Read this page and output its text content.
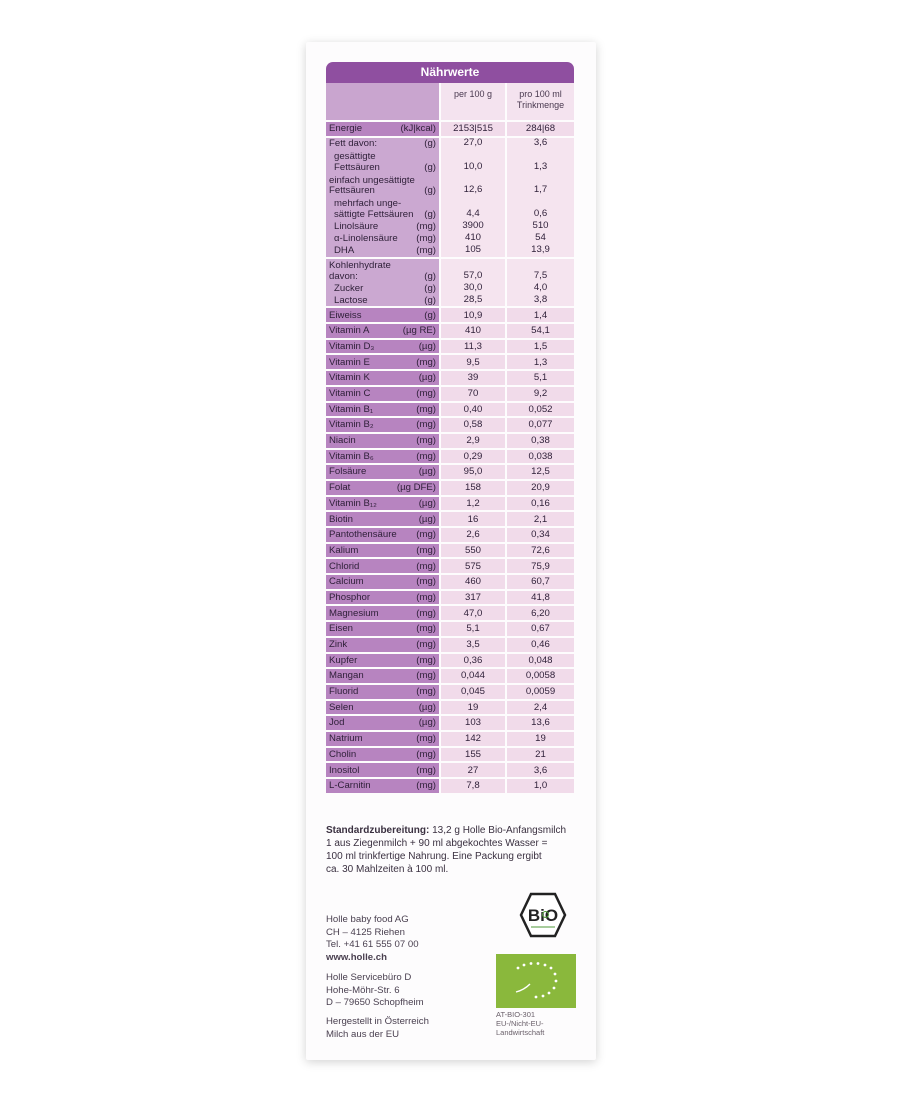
Nährwerte
per 100 g	pro 100 ml
Trinkmenge
Energie	(kJ|kcal)	2153|515	284|68
Fett davon:	(g)	27,0	3,6
gesättigte
Fettsäuren	(g)	10,0	1,3
einfach ungesättigte
Fettsäuren	(g)	12,6	1,7
mehrfach unge-
sättigte Fettsäuren (g)	4,4	0,6
Linolsäure	(mg)	3900	510
α-Linolensäure (mg)	410	54
DHA	(mg)	105	13,9
Kohlenhydrate
davon:	(g)	57,0	7,5
Zucker	(g)	30,0	4,0
Lactose	(g)	28,5	3,8
Eiweiss	(g)	10,9	1,4
Vitamin A	(µg RE)	410	54,1
Vitamin D₃	(µg)	11,3	1,5
Vitamin E	(mg)	9,5	1,3
Vitamin K	(µg)	39	5,1
Vitamin C	(mg)	70	9,2
Vitamin B₁	(mg)	0,40	0,052
Vitamin B₂	(mg)	0,58	0,077
Niacin	(mg)	2,9	0,38
Vitamin B₆	(mg)	0,29	0,038
Folsäure	(µg)	95,0	12,5
Folat	(µg DFE)	158	20,9
Vitamin B₁₂	(µg)	1,2	0,16
Biotin	(µg)	16	2,1
Pantothensäure (mg)	2,6	0,34
Kalium	(mg)	550	72,6
Chlorid	(mg)	575	75,9
Calcium	(mg)	460	60,7
Phosphor	(mg)	317	41,8
Magnesium	(mg)	47,0	6,20
Eisen	(mg)	5,1	0,67
Zink	(mg)	3,5	0,46
Kupfer	(mg)	0,36	0,048
Mangan	(mg)	0,044	0,0058
Fluorid	(mg)	0,045	0,0059
Selen	(µg)	19	2,4
Jod	(µg)	103	13,6
Natrium	(mg)	142	19
Cholin	(mg)	155	21
Inositol	(mg)	27	3,6
L-Carnitin	(mg)	7,8	1,0
Standardzubereitung: 13,2 g Holle Bio-Anfangsmilch
1 aus Ziegenmilch + 90 ml abgekochtes Wasser =
100 ml trinkfertige Nahrung. Eine Packung ergibt
ca. 30 Mahlzeiten à 100 ml.
Holle baby food AG
CH – 4125 Riehen
Tel. +41 61 555 07 00
www.holle.ch
Holle Servicebüro D
Hohe-Möhr-Str. 6
D – 79650 Schopfheim
Hergestellt in Österreich
Milch aus der EU
BiO
AT-BIO-301
EU-/Nicht-EU-
Landwirtschaft
